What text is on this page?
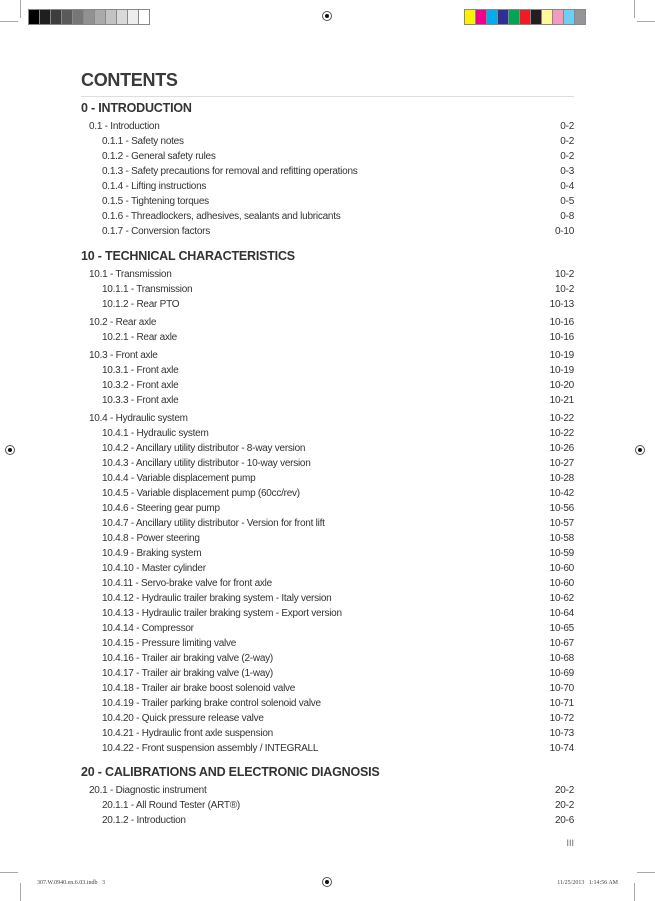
CONTENTS
0 - INTRODUCTION
0.1 - Introduction	0-2
0.1.1 - Safety notes	0-2
0.1.2 - General safety rules	0-2
0.1.3 - Safety precautions for removal and refitting operations	0-3
0.1.4 - Lifting instructions	0-4
0.1.5 - Tightening torques	0-5
0.1.6 - Threadlockers, adhesives, sealants and lubricants	0-8
0.1.7 - Conversion factors	0-10
10 - TECHNICAL CHARACTERISTICS
10.1 - Transmission	10-2
10.1.1 - Transmission	10-2
10.1.2 - Rear PTO	10-13
10.2 - Rear axle	10-16
10.2.1 - Rear axle	10-16
10.3 - Front axle	10-19
10.3.1 - Front axle	10-19
10.3.2 - Front axle	10-20
10.3.3 - Front axle	10-21
10.4 - Hydraulic system	10-22
10.4.1 - Hydraulic system	10-22
10.4.2 - Ancillary utility distributor - 8-way version	10-26
10.4.3 - Ancillary utility distributor - 10-way version	10-27
10.4.4 - Variable displacement pump	10-28
10.4.5 - Variable displacement pump (60cc/rev)	10-42
10.4.6 - Steering gear pump	10-56
10.4.7 - Ancillary utility distributor - Version for front lift	10-57
10.4.8 - Power steering	10-58
10.4.9 - Braking system	10-59
10.4.10 - Master cylinder	10-60
10.4.11 - Servo-brake valve for front axle	10-60
10.4.12 - Hydraulic trailer braking system - Italy version	10-62
10.4.13 - Hydraulic trailer braking system - Export version	10-64
10.4.14 - Compressor	10-65
10.4.15 - Pressure limiting valve	10-67
10.4.16 - Trailer air braking valve (2-way)	10-68
10.4.17 - Trailer air braking valve (1-way)	10-69
10.4.18 - Trailer air brake boost solenoid valve	10-70
10.4.19 - Trailer parking brake control solenoid valve	10-71
10.4.20 - Quick pressure release valve	10-72
10.4.21 - Hydraulic front axle suspension	10-73
10.4.22 - Front suspension assembly / INTEGRALL	10-74
20 - CALIBRATIONS AND ELECTRONIC DIAGNOSIS
20.1 - Diagnostic instrument	20-2
20.1.1 - All Round Tester (ART®)	20-2
20.1.2 - Introduction	20-6
III
307.W.0940.en.6.03.indb   3	11/25/2013   1:14:56 AM
